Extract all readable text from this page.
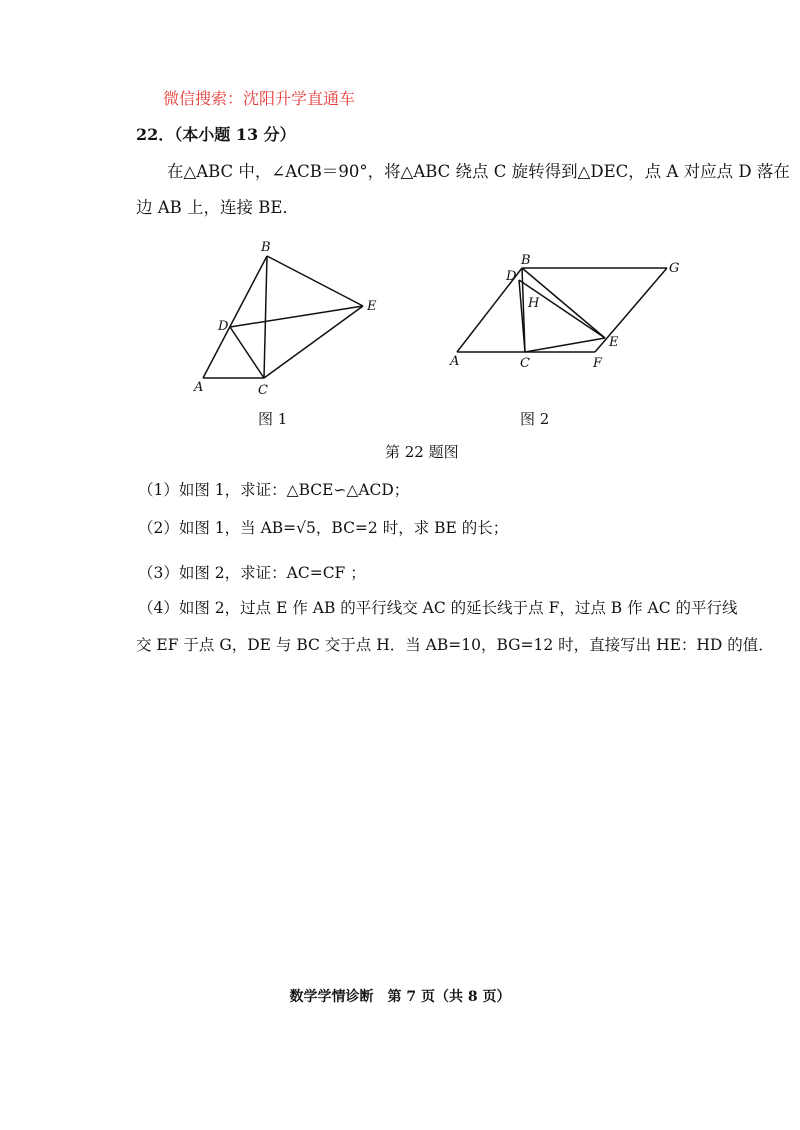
微信搜索：沈阳升学直通车
22．（本小题 13 分）
在△ABC 中，∠ACB＝90°，将△ABC 绕点 C 旋转得到△DEC，点 A 对应点 D 落在
边 AB 上，连接 BE．
B
E
D
A	C
图 1
D
B
G
H
E
A	C	F
图 2
第 22 题图
（1）如图 1，求证：△BCE∽△ACD；
（2）如图 1，当 AB=√5，BC=2 时，求 BE 的长；
（3）如图 2，求证：AC=CF ；
（4）如图 2，过点 E 作 AB 的平行线交 AC 的延长线于点 F，过点 B 作 AC 的平行线
交 EF 于点 G，DE 与 BC 交于点 H．当 AB=10，BG=12 时，直接写出 HE：HD 的值．
数学学情诊断　第 7 页（共 8 页）
